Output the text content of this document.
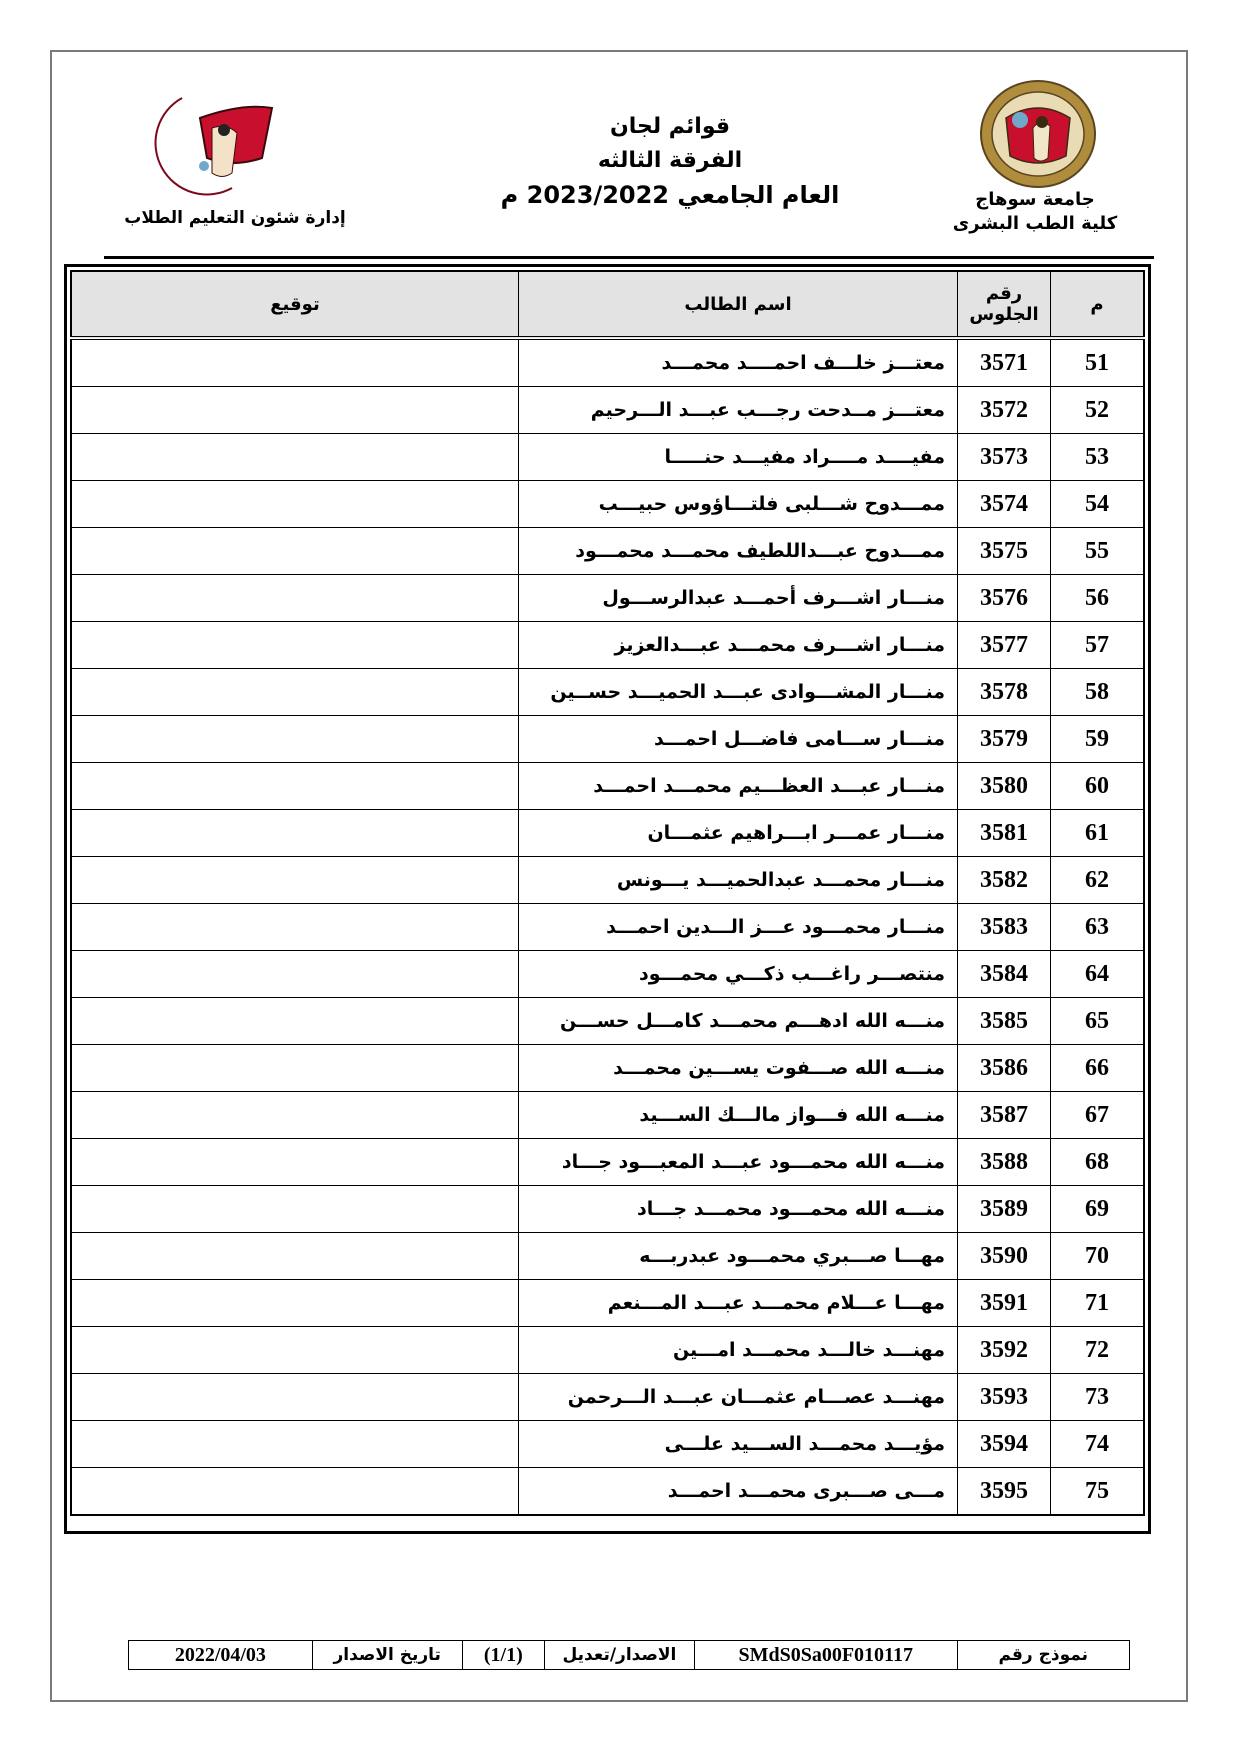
جامعة سوهاج
كلية الطب البشرى
قوائم لجان
الفرقة الثالثه
العام الجامعي 2023/2022 م
إدارة شئون التعليم الطلاب
م	رقم الجلوس	اسم الطالب	توقيع
51	3571	معتـــز خلـــف احمــــد محمـــد	
52	3572	معتـــز مــدحت رجـــب عبـــد الـــرحيم	
53	3573	مفيــــد مــــراد مفيـــد حنـــــا	
54	3574	ممـــدوح شـــلبى فلتـــاؤوس حبيـــب	
55	3575	ممـــدوح عبـــداللطيف محمـــد محمـــود	
56	3576	منـــار اشـــرف أحمـــد عبدالرســـول	
57	3577	منـــار اشـــرف محمـــد عبـــدالعزيز	
58	3578	منـــار المشـــوادى عبـــد الحميـــد حســين	
59	3579	منـــار ســـامى فاضـــل احمـــد	
60	3580	منـــار عبـــد العظـــيم محمـــد احمـــد	
61	3581	منـــار عمـــر ابـــراهيم عثمـــان	
62	3582	منـــار محمـــد عبدالحميـــد يـــونس	
63	3583	منـــار محمـــود عـــز الـــدين احمـــد	
64	3584	منتصـــر راغـــب ذكـــي محمـــود	
65	3585	منـــه الله ادهـــم محمـــد كامـــل حســـن	
66	3586	منـــه الله صـــفوت يســـين محمـــد	
67	3587	منـــه الله فـــواز مالـــك الســـيد	
68	3588	منـــه الله محمـــود عبـــد المعبـــود جـــاد	
69	3589	منـــه الله محمـــود محمـــد جـــاد	
70	3590	مهـــا صـــبري محمـــود عبدربـــه	
71	3591	مهـــا عـــلام محمـــد عبـــد المـــنعم	
72	3592	مهنـــد خالـــد محمـــد امـــين	
73	3593	مهنـــد عصـــام عثمـــان عبـــد الـــرحمن	
74	3594	مؤيـــد محمـــد الســـيد علـــى	
75	3595	مـــى صـــبرى محمـــد احمـــد	
نموذج رقم	SMdS0Sa00F010117	الاصدار/تعديل	(1/1)	تاريخ الاصدار	2022/04/03
